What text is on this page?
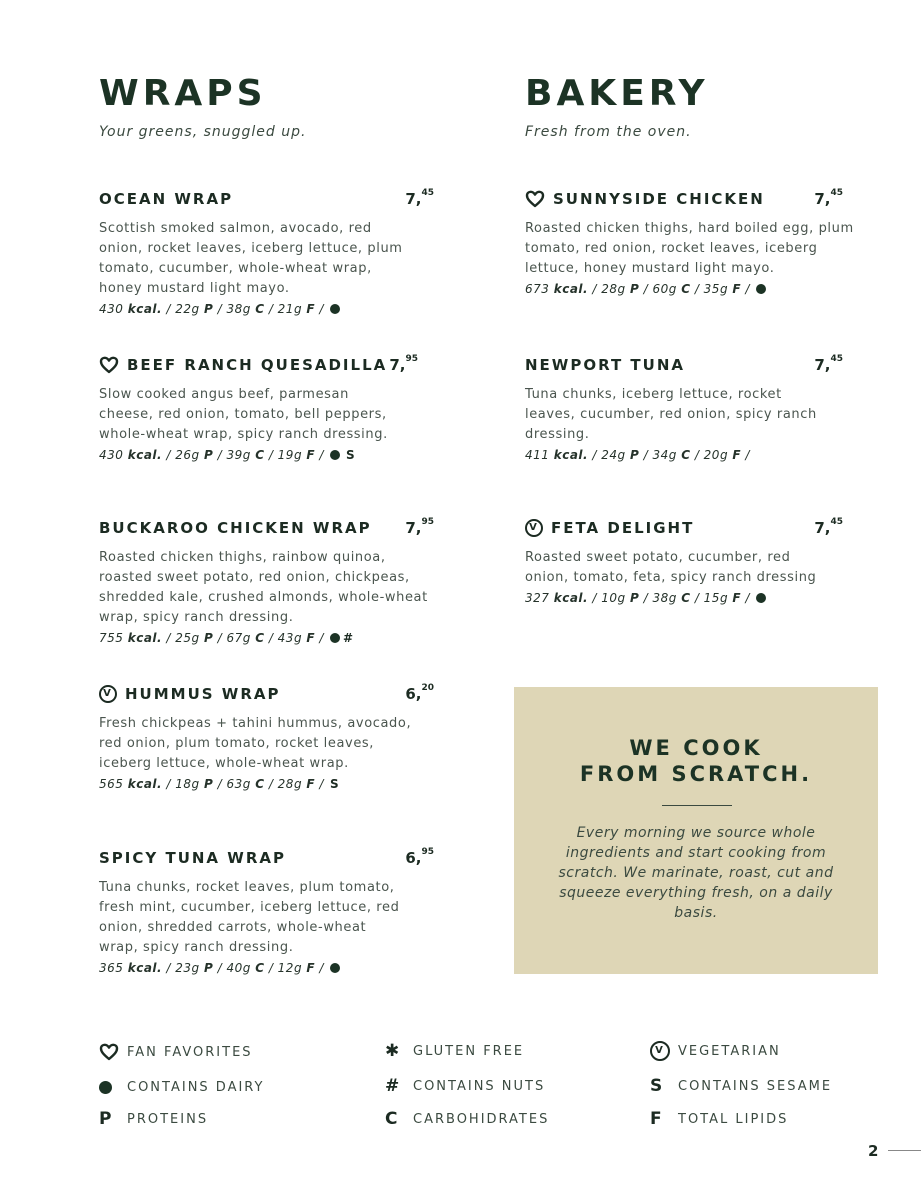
WRAPS
Your greens, snuggled up.
OCEAN WRAP	7,45
Scottish smoked salmon, avocado, red onion, rocket leaves, iceberg lettuce, plum tomato, cucumber, whole-wheat wrap, honey mustard light mayo.
430
kcal. / 22g
P / 38g
C / 21g
F /
BEEF RANCH QUESADILLA 7,95
Slow cooked angus beef, parmesan cheese, red onion, tomato, bell peppers, whole-wheat wrap, spicy ranch dressing.
430
kcal. / 26g
P / 39g
C / 19g
F / S
BUCKAROO CHICKEN WRAP 7,95
Roasted chicken thighs, rainbow quinoa, roasted sweet potato, red onion, chickpeas, shredded kale, crushed almonds, whole-wheat wrap, spicy ranch dressing.
755
kcal. / 25g
P / 67g
C / 43g
F / #
V HUMMUS WRAP	6,20
Fresh chickpeas + tahini hummus, avocado, red onion, plum tomato, rocket leaves, iceberg lettuce, whole-wheat wrap.
565
kcal. / 18g
P / 63g
C / 28g
F / S
SPICY TUNA WRAP	6,95
Tuna chunks, rocket leaves, plum tomato, fresh mint, cucumber, iceberg lettuce, red onion, shredded carrots, whole-wheat wrap, spicy ranch dressing.
365
kcal. / 23g
P / 40g
C / 12g
F /
BAKERY
Fresh from the oven.
SUNNYSIDE CHICKEN	7,45
Roasted chicken thighs, hard boiled egg, plum tomato, red onion, rocket leaves, iceberg lettuce, honey mustard light mayo.
673
kcal. / 28g
P / 60g
C / 35g
F /
NEWPORT TUNA	7,45
Tuna chunks, iceberg lettuce, rocket leaves, cucumber, red onion, spicy ranch dressing.
411
kcal. / 24g
P / 34g
C / 20g
F /
V FETA DELIGHT	7,45
Roasted sweet potato, cucumber, red onion, tomato, feta, spicy ranch dressing
327
kcal. / 10g
P / 38g
C / 15g
F /
WE COOK
FROM SCRATCH.
Every morning we source whole ingredients and start cooking from scratch. We marinate, roast, cut and squeeze everything fresh, on a daily basis.
FAN FAVORITES	✱ GLUTEN FREE	V	VEGETARIAN
CONTAINS DAIRY	# CONTAINS NUTS	S	CONTAINS SESAME
P	PROTEINS	C	CARBOHIDRATES	F	TOTAL LIPIDS
2
